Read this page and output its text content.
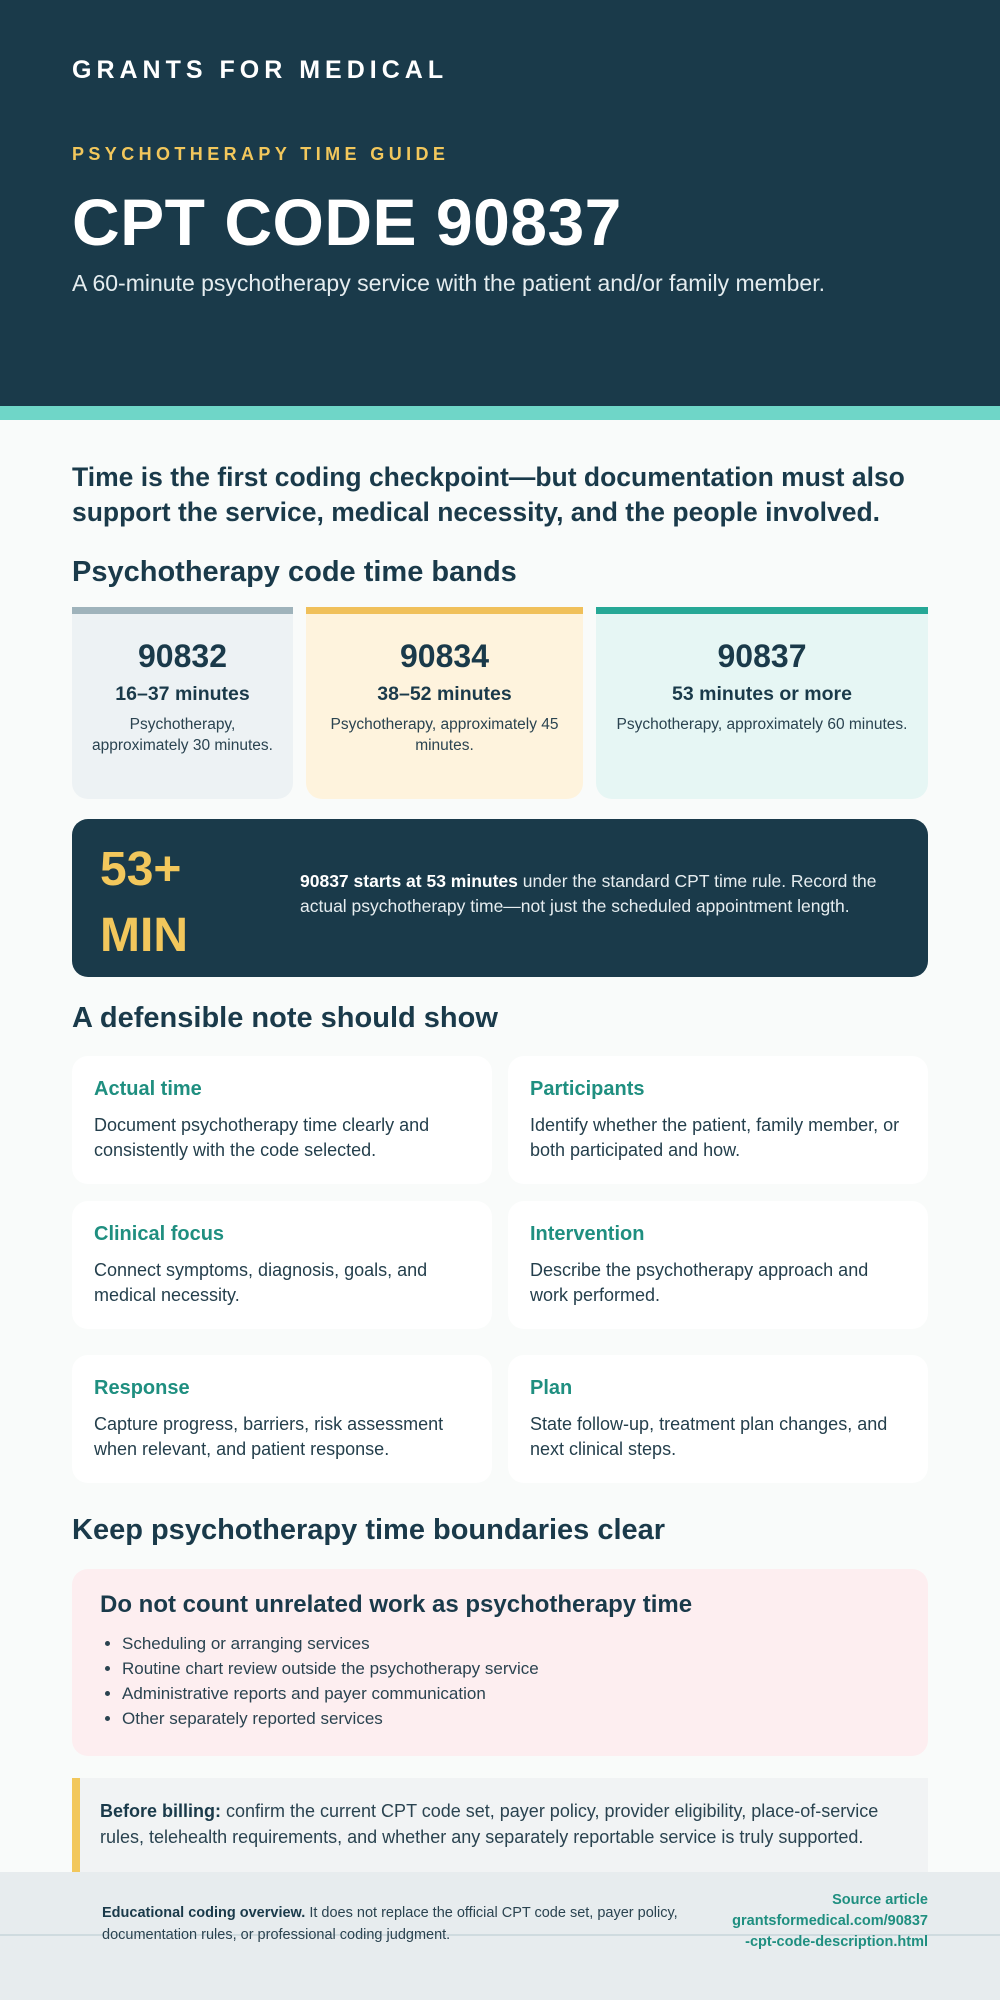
GRANTS FOR MEDICAL
PSYCHOTHERAPY TIME GUIDE
CPT CODE 90837
A 60-minute psychotherapy service with the patient and/or family member.

Time is the first coding checkpoint—but documentation must also support the service, medical necessity, and the people involved.

Psychotherapy code time bands
90832
16–37 minutes
Psychotherapy, approximately 30 minutes.
90834
38–52 minutes
Psychotherapy, approximately 45 minutes.
90837
53 minutes or more
Psychotherapy, approximately 60 minutes.
53+
MIN

90837 starts at 53 minutes under the standard CPT time rule. Record the actual psychotherapy time—not just the scheduled appointment length.

A defensible note should show
Actual time
Document psychotherapy time clearly and consistently with the code selected.
Participants
Identify whether the patient, family member, or both participated and how.
Clinical focus
Connect symptoms, diagnosis, goals, and medical necessity.
Intervention
Describe the psychotherapy approach and work performed.
Response
Capture progress, barriers, risk assessment when relevant, and patient response.
Plan
State follow-up, treatment plan changes, and next clinical steps.
Keep psychotherapy time boundaries clear
Do not count unrelated work as psychotherapy time
• Scheduling or arranging services
• Routine chart review outside the psychotherapy service
• Administrative reports and payer communication
• Other separately reported services
Before billing: confirm the current CPT code set, payer policy, provider eligibility, place-of-service rules, telehealth requirements, and whether any separately reportable service is truly supported.

Educational coding overview. It does not replace the official CPT code set, payer policy, documentation rules, or professional coding judgment.

Source article
grantsformedical.com/90837-cpt-code-description.html
